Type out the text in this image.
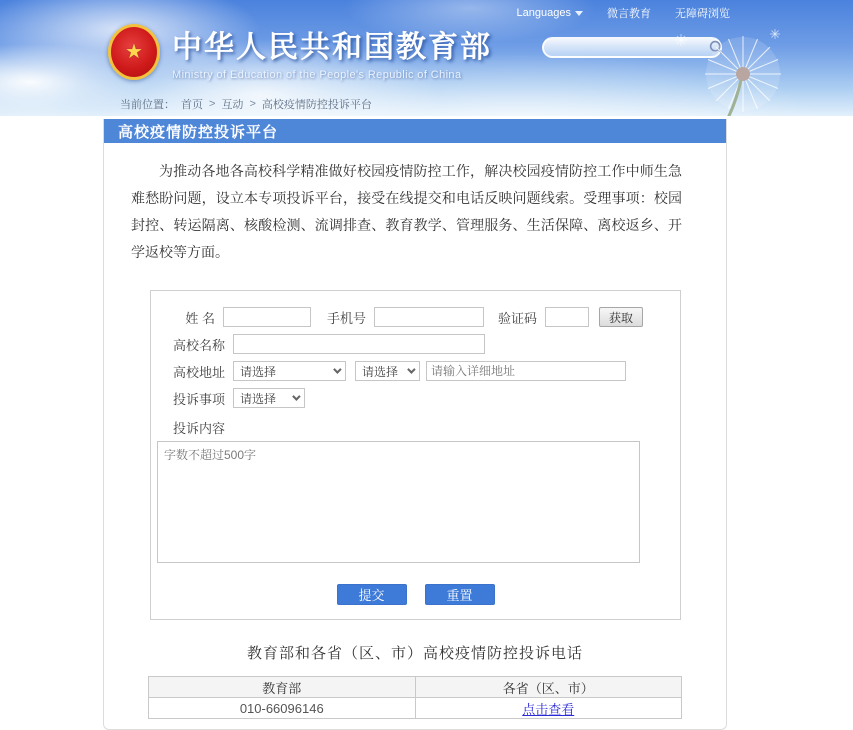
Languages	微言教育 无障碍浏览
★ 中华人民共和国教育部
Ministry of Education of the People's Republic of China
当前位置： 首页 > 互动 > 高校疫情防控投诉平台
高校疫情防控投诉平台

为推动各地各高校科学精准做好校园疫情防控工作，解决校园疫情防控工作中师生急难愁盼问题，设立本专项投诉平台，接受在线提交和电话反映问题线索。受理事项：校园封控、转运隔离、核酸检测、流调排查、教育教学、管理服务、生活保障、离校返乡、开学返校等方面。

姓 名	手机号	验证码	获取
高校名称
高校地址 请选择	请选择
请输入详细地址
投诉事项 请选择
投诉内容
字数不超过500字
提交	重置
教育部和各省（区、市）高校疫情防控投诉电话
教育部	各省（区、市）
010-66096146	点击查看
